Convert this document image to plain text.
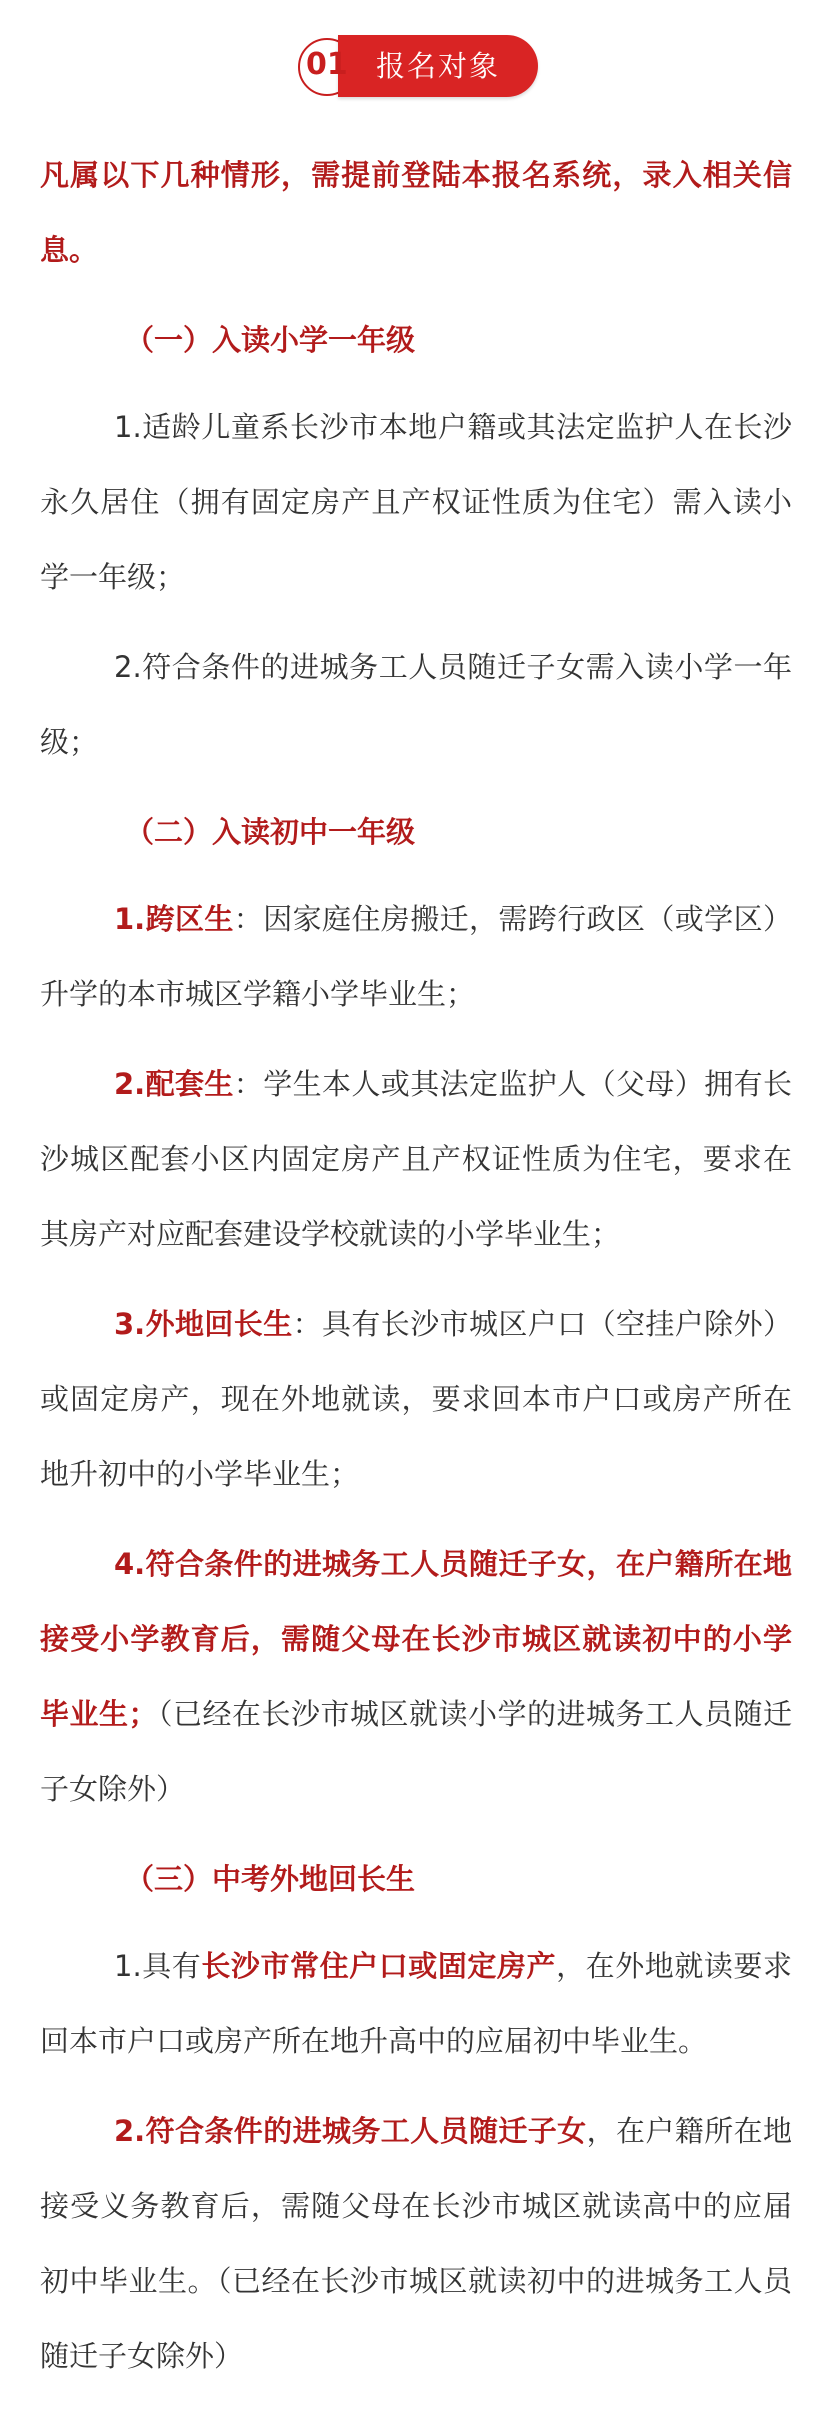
01 报名对象

凡属以下几种情形，需提前登陆本报名系统，录入相关信息。

（一）入读小学一年级

1.适龄儿童系长沙市本地户籍或其法定监护人在长沙永久居住（拥有固定房产且产权证性质为住宅）需入读小学一年级；

2.符合条件的进城务工人员随迁子女需入读小学一年级；

（二）入读初中一年级

1.跨区生：因家庭住房搬迁，需跨行政区（或学区）升学的本市城区学籍小学毕业生；

2.配套生：学生本人或其法定监护人（父母）拥有长沙城区配套小区内固定房产且产权证性质为住宅，要求在其房产对应配套建设学校就读的小学毕业生；

3.外地回长生：具有长沙市城区户口（空挂户除外）或固定房产，现在外地就读，要求回本市户口或房产所在地升初中的小学毕业生；

4.符合条件的进城务工人员随迁子女，在户籍所在地接受小学教育后，需随父母在长沙市城区就读初中的小学毕业生；（已经在长沙市城区就读小学的进城务工人员随迁子女除外）

（三）中考外地回长生

1.具有长沙市常住户口或固定房产，在外地就读要求回本市户口或房产所在地升高中的应届初中毕业生。

2.符合条件的进城务工人员随迁子女，在户籍所在地接受义务教育后，需随父母在长沙市城区就读高中的应届初中毕业生。（已经在长沙市城区就读初中的进城务工人员随迁子女除外）
